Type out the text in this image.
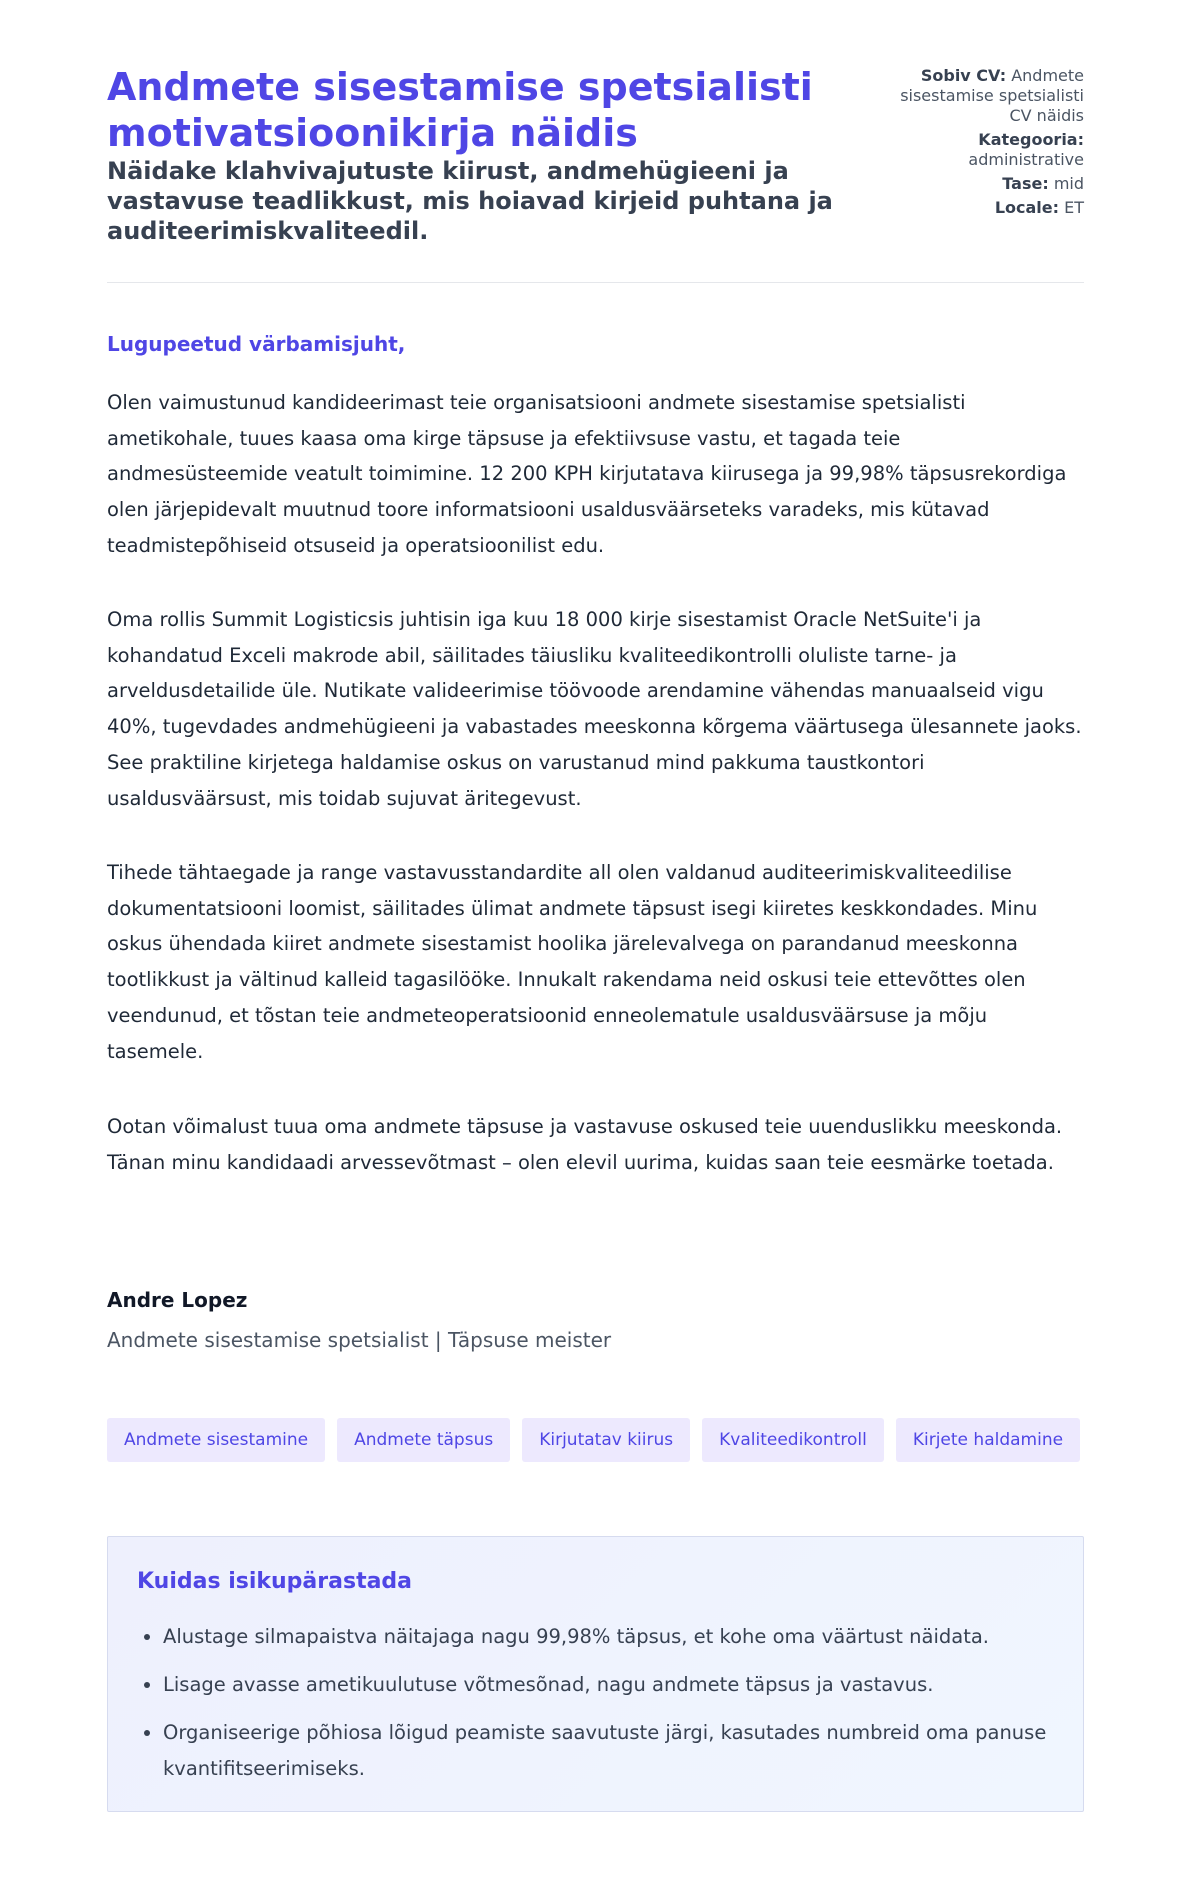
Andmete sisestamise spetsialisti motivatsioonikirja näidis

Näidake klahvivajutuste kiirust, andmehügieeni ja vastavuse teadlikkust, mis hoiavad kirjeid puhtana ja auditeerimiskvaliteedil.

Sobiv CV: Andmete sisestamise spetsialisti CV näidis
Kategooria: administrative
Tase: mid
Locale: ET
Lugupeetud värbamisjuht,

Olen vaimustunud kandideerimast teie organisatsiooni andmete sisestamise spetsialisti ametikohale, tuues kaasa oma kirge täpsuse ja efektiivsuse vastu, et tagada teie andmesüsteemide veatult toimimine. 12 200 KPH kirjutatava kiirusega ja 99,98% täpsusrekordiga olen järjepidevalt muutnud toore informatsiooni usaldusväärseteks varadeks, mis kütavad teadmistepõhiseid otsuseid ja operatsioonilist edu.

Oma rollis Summit Logisticsis juhtisin iga kuu 18 000 kirje sisestamist Oracle NetSuite'i ja kohandatud Exceli makrode abil, säilitades täiusliku kvaliteedikontrolli oluliste tarne- ja arveldusdetailide üle. Nutikate valideerimise töövoode arendamine vähendas manuaalseid vigu 40%, tugevdades andmehügieeni ja vabastades meeskonna kõrgema väärtusega ülesannete jaoks. See praktiline kirjetega haldamise oskus on varustanud mind pakkuma taustkontori usaldusväärsust, mis toidab sujuvat äritegevust.

Tihede tähtaegade ja range vastavusstandardite all olen valdanud auditeerimiskvaliteedilise dokumentatsiooni loomist, säilitades ülimat andmete täpsust isegi kiiretes keskkondades. Minu oskus ühendada kiiret andmete sisestamist hoolika järelevalvega on parandanud meeskonna tootlikkust ja vältinud kalleid tagasilööke. Innukalt rakendama neid oskusi teie ettevõttes olen veendunud, et tõstan teie andmeteoperatsioonid enneolematule usaldusväärsuse ja mõju tasemele.

Ootan võimalust tuua oma andmete täpsuse ja vastavuse oskused teie uuenduslikku meeskonda. Tänan minu kandidaadi arvessevõtmast – olen elevil uurima, kuidas saan teie eesmärke toetada.

Andre Lopez
Andmete sisestamise spetsialist | Täpsuse meister
Andmete sisestamine	Andmete täpsus	Kirjutatav kiirus	Kvaliteedikontroll	Kirjete haldamine
Kuidas isikupärastada
• Alustage silmapaistva näitajaga nagu 99,98% täpsus, et kohe oma väärtust näidata.
• Lisage avasse ametikuulutuse võtmesõnad, nagu andmete täpsus ja vastavus.
• Organiseerige põhiosa lõigud peamiste saavutuste järgi, kasutades numbreid oma panuse kvantifitseerimiseks.
